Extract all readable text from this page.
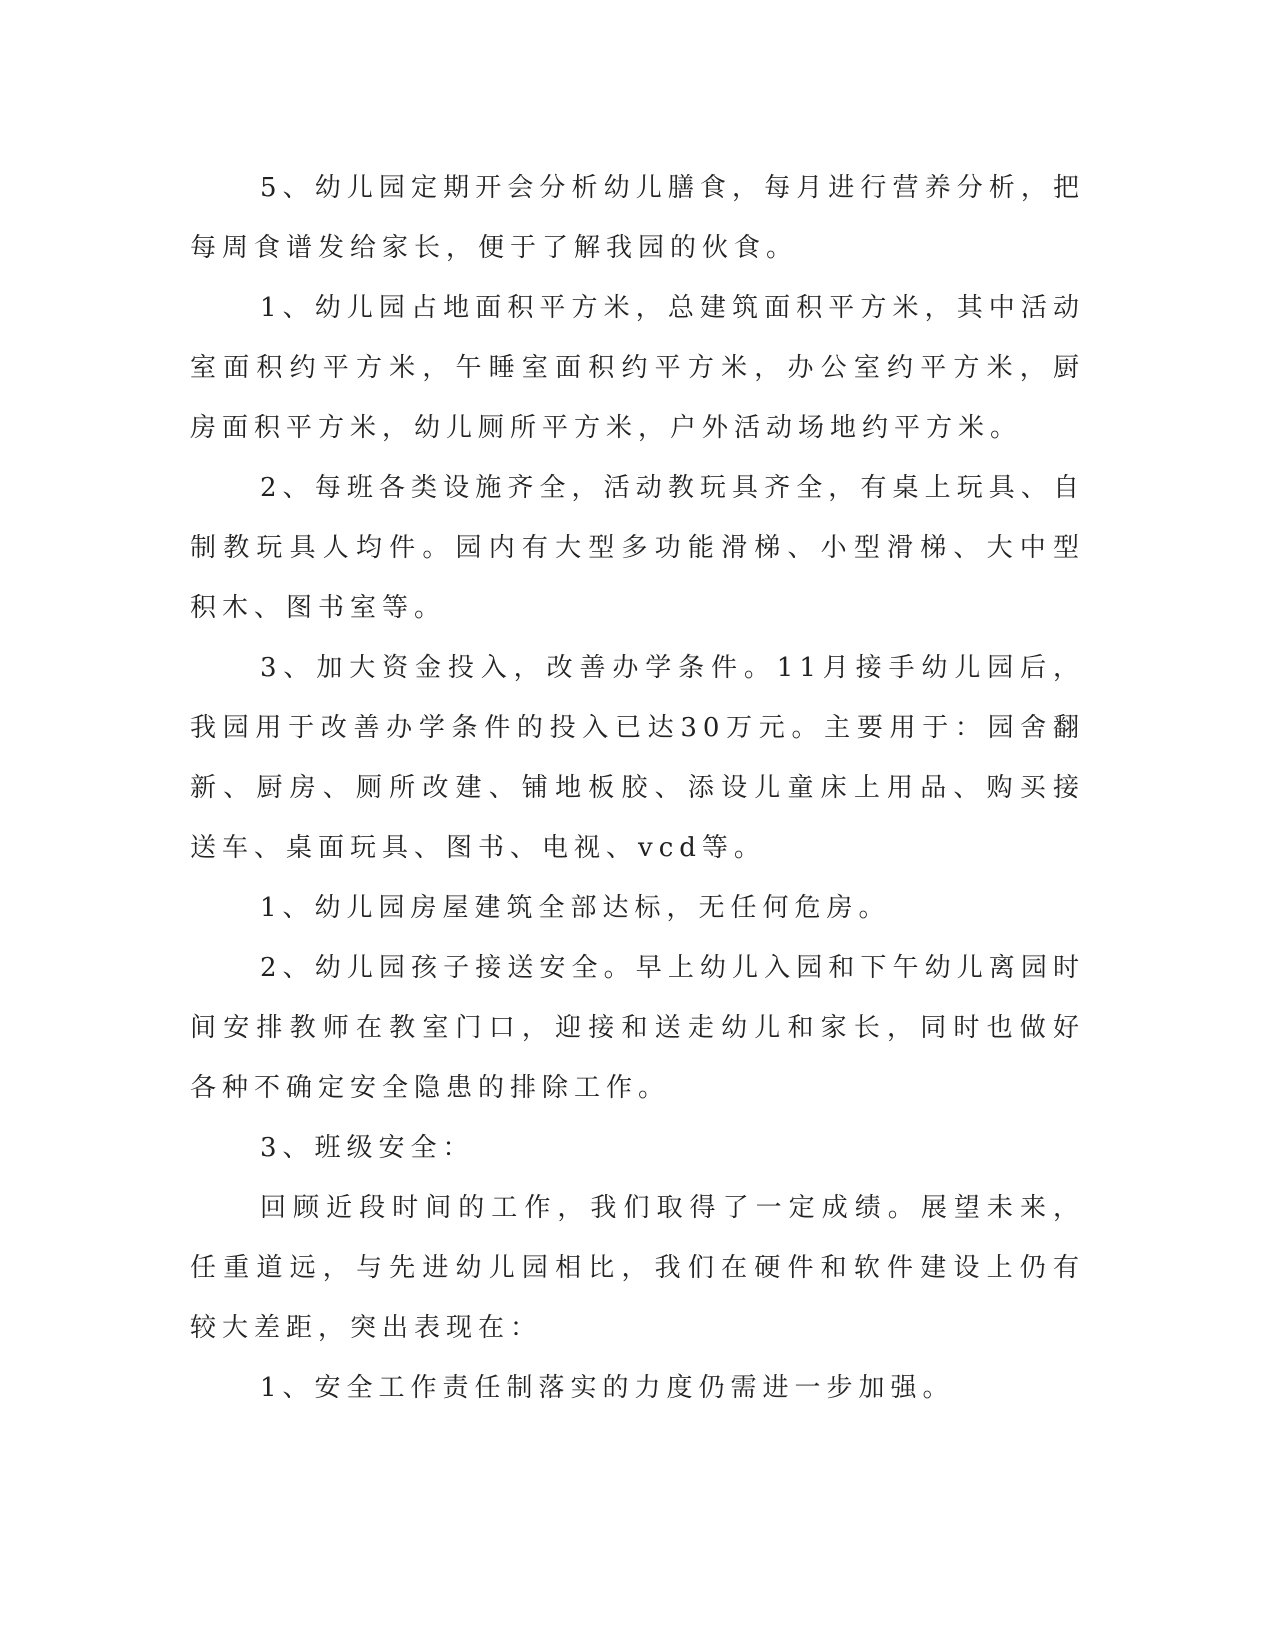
5、幼儿园定期开会分析幼儿膳食，每月进行营养分析，把每周食谱发给家长，便于了解我园的伙食。

1、幼儿园占地面积平方米，总建筑面积平方米，其中活动室面积约平方米，午睡室面积约平方米，办公室约平方米，厨房面积平方米，幼儿厕所平方米，户外活动场地约平方米。

2、每班各类设施齐全，活动教玩具齐全，有桌上玩具、自制教玩具人均件。园内有大型多功能滑梯、小型滑梯、大中型积木、图书室等。

3、加大资金投入，改善办学条件。11月接手幼儿园后，我园用于改善办学条件的投入已达30万元。主要用于：园舍翻新、厨房、厕所改建、铺地板胶、添设儿童床上用品、购买接送车、桌面玩具、图书、电视、vcd等。

1、幼儿园房屋建筑全部达标，无任何危房。

2、幼儿园孩子接送安全。早上幼儿入园和下午幼儿离园时间安排教师在教室门口，迎接和送走幼儿和家长，同时也做好各种不确定安全隐患的排除工作。

3、班级安全：

回顾近段时间的工作，我们取得了一定成绩。展望未来，任重道远，与先进幼儿园相比，我们在硬件和软件建设上仍有较大差距，突出表现在：

1、安全工作责任制落实的力度仍需进一步加强。
